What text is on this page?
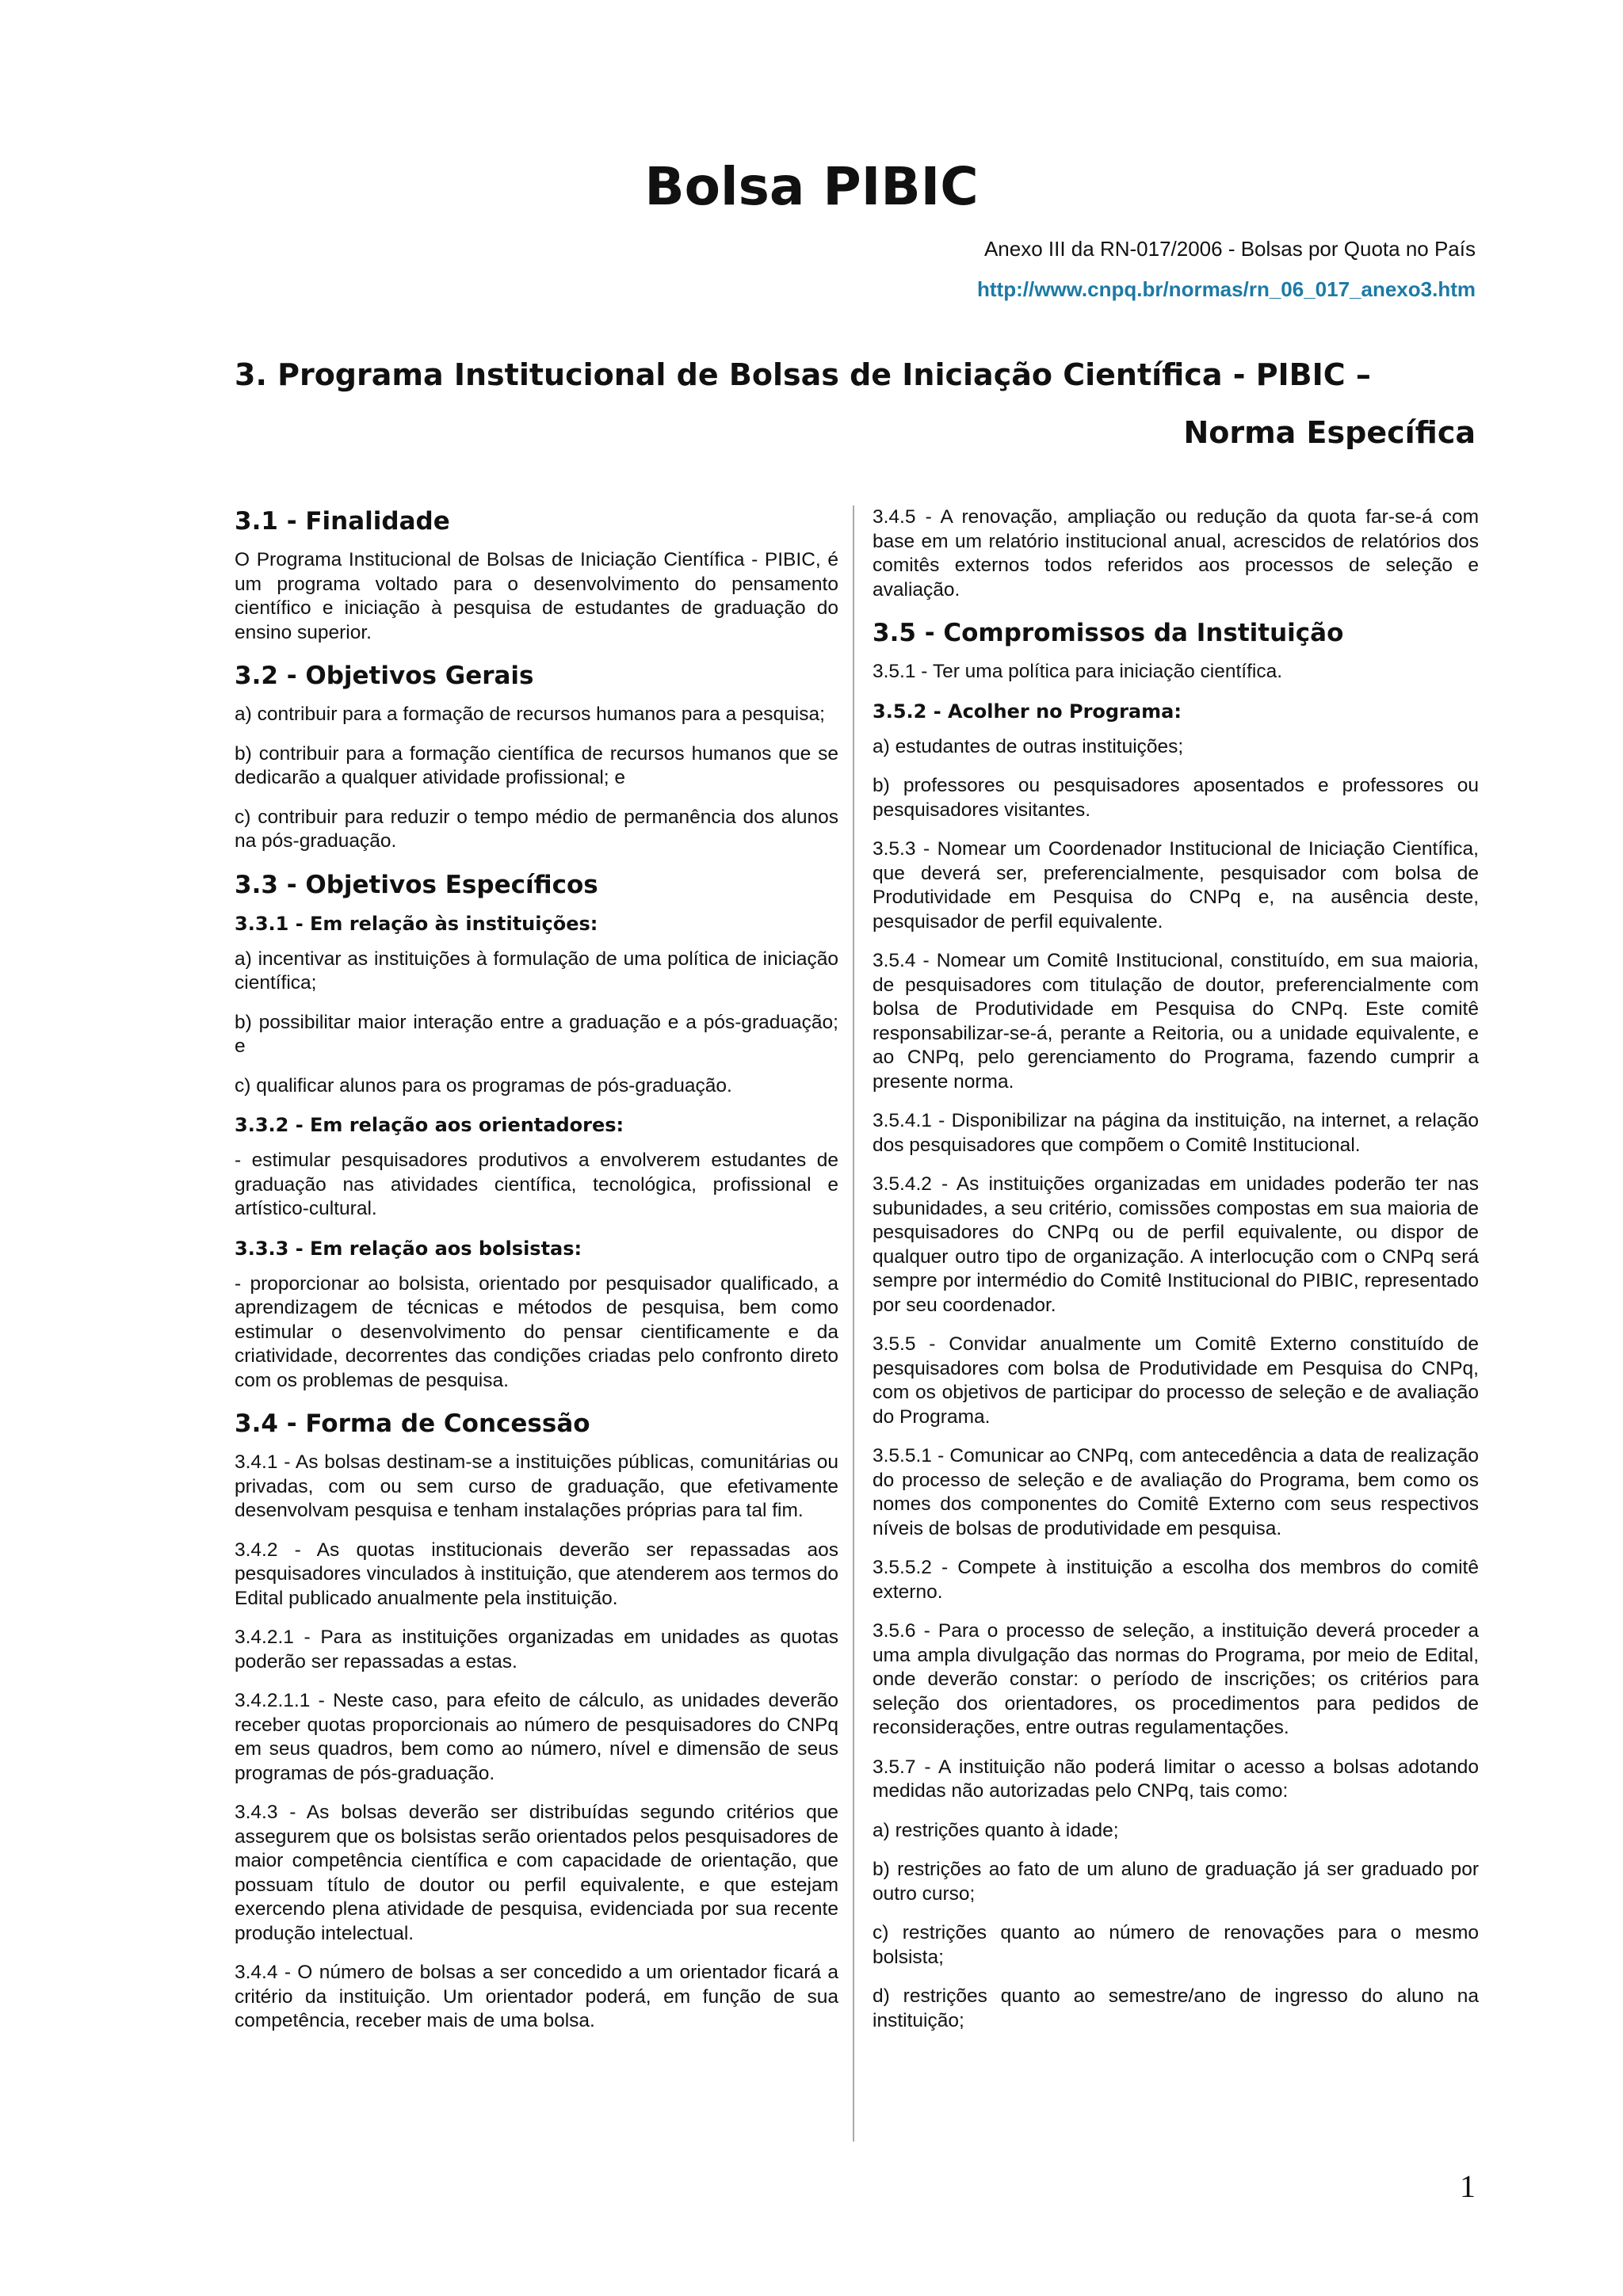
Bolsa PIBIC
Anexo III da RN-017/2006 - Bolsas por Quota no País
http://www.cnpq.br/normas/rn_06_017_anexo3.htm
3. Programa Institucional de Bolsas de Iniciação Científica - PIBIC –
Norma Específica
3.1 - Finalidade

O Programa Institucional de Bolsas de Iniciação Científica - PIBIC, é um programa voltado para o desenvolvimento do pensamento científico e iniciação à pesquisa de estudantes de graduação do ensino superior.

3.2 - Objetivos Gerais

a) contribuir para a formação de recursos humanos para a pesquisa;

b) contribuir para a formação científica de recursos humanos que se dedicarão a qualquer atividade profissional; e

c) contribuir para reduzir o tempo médio de permanência dos alunos na pós-graduação.

3.3 - Objetivos Específicos
3.3.1 - Em relação às instituições:

a) incentivar as instituições à formulação de uma política de iniciação científica;

b) possibilitar maior interação entre a graduação e a pós-graduação; e

c) qualificar alunos para os programas de pós-graduação.

3.3.2 - Em relação aos orientadores:

- estimular pesquisadores produtivos a envolverem estudantes de graduação nas atividades científica, tecnológica, profissional e artístico-cultural.

3.3.3 - Em relação aos bolsistas:

- proporcionar ao bolsista, orientado por pesquisador qualificado, a aprendizagem de técnicas e métodos de pesquisa, bem como estimular o desenvolvimento do pensar cientificamente e da criatividade, decorrentes das condições criadas pelo confronto direto com os problemas de pesquisa.

3.4 - Forma de Concessão

3.4.1 - As bolsas destinam-se a instituições públicas, comunitárias ou privadas, com ou sem curso de graduação, que efetivamente desenvolvam pesquisa e tenham instalações próprias para tal fim.

3.4.2 - As quotas institucionais deverão ser repassadas aos pesquisadores vinculados à instituição, que atenderem aos termos do Edital publicado anualmente pela instituição.

3.4.2.1 - Para as instituições organizadas em unidades as quotas poderão ser repassadas a estas.

3.4.2.1.1 - Neste caso, para efeito de cálculo, as unidades deverão receber quotas proporcionais ao número de pesquisadores do CNPq em seus quadros, bem como ao número, nível e dimensão de seus programas de pós-graduação.

3.4.3 - As bolsas deverão ser distribuídas segundo critérios que assegurem que os bolsistas serão orientados pelos pesquisadores de maior competência científica e com capacidade de orientação, que possuam título de doutor ou perfil equivalente, e que estejam exercendo plena atividade de pesquisa, evidenciada por sua recente produção intelectual.

3.4.4 - O número de bolsas a ser concedido a um orientador ficará a critério da instituição. Um orientador poderá, em função de sua competência, receber mais de uma bolsa.

3.4.5 - A renovação, ampliação ou redução da quota far-se-á com base em um relatório institucional anual, acrescidos de relatórios dos comitês externos todos referidos aos processos de seleção e avaliação.

3.5 - Compromissos da Instituição

3.5.1 - Ter uma política para iniciação científica.

3.5.2 - Acolher no Programa:

a) estudantes de outras instituições;

b) professores ou pesquisadores aposentados e professores ou pesquisadores visitantes.

3.5.3 - Nomear um Coordenador Institucional de Iniciação Científica, que deverá ser, preferencialmente, pesquisador com bolsa de Produtividade em Pesquisa do CNPq e, na ausência deste, pesquisador de perfil equivalente.

3.5.4 - Nomear um Comitê Institucional, constituído, em sua maioria, de pesquisadores com titulação de doutor, preferencialmente com bolsa de Produtividade em Pesquisa do CNPq. Este comitê responsabilizar-se-á, perante a Reitoria, ou a unidade equivalente, e ao CNPq, pelo gerenciamento do Programa, fazendo cumprir a presente norma.

3.5.4.1 - Disponibilizar na página da instituição, na internet, a relação dos pesquisadores que compõem o Comitê Institucional.

3.5.4.2 - As instituições organizadas em unidades poderão ter nas subunidades, a seu critério, comissões compostas em sua maioria de pesquisadores do CNPq ou de perfil equivalente, ou dispor de qualquer outro tipo de organização. A interlocução com o CNPq será sempre por intermédio do Comitê Institucional do PIBIC, representado por seu coordenador.

3.5.5 - Convidar anualmente um Comitê Externo constituído de pesquisadores com bolsa de Produtividade em Pesquisa do CNPq, com os objetivos de participar do processo de seleção e de avaliação do Programa.

3.5.5.1 - Comunicar ao CNPq, com antecedência a data de realização do processo de seleção e de avaliação do Programa, bem como os nomes dos componentes do Comitê Externo com seus respectivos níveis de bolsas de produtividade em pesquisa.

3.5.5.2 - Compete à instituição a escolha dos membros do comitê externo.

3.5.6 - Para o processo de seleção, a instituição deverá proceder a uma ampla divulgação das normas do Programa, por meio de Edital, onde deverão constar: o período de inscrições; os critérios para seleção dos orientadores, os procedimentos para pedidos de reconsiderações, entre outras regulamentações.

3.5.7 - A instituição não poderá limitar o acesso a bolsas adotando medidas não autorizadas pelo CNPq, tais como:

a) restrições quanto à idade;

b) restrições ao fato de um aluno de graduação já ser graduado por outro curso;

c) restrições quanto ao número de renovações para o mesmo bolsista;

d) restrições quanto ao semestre/ano de ingresso do aluno na instituição;

1
